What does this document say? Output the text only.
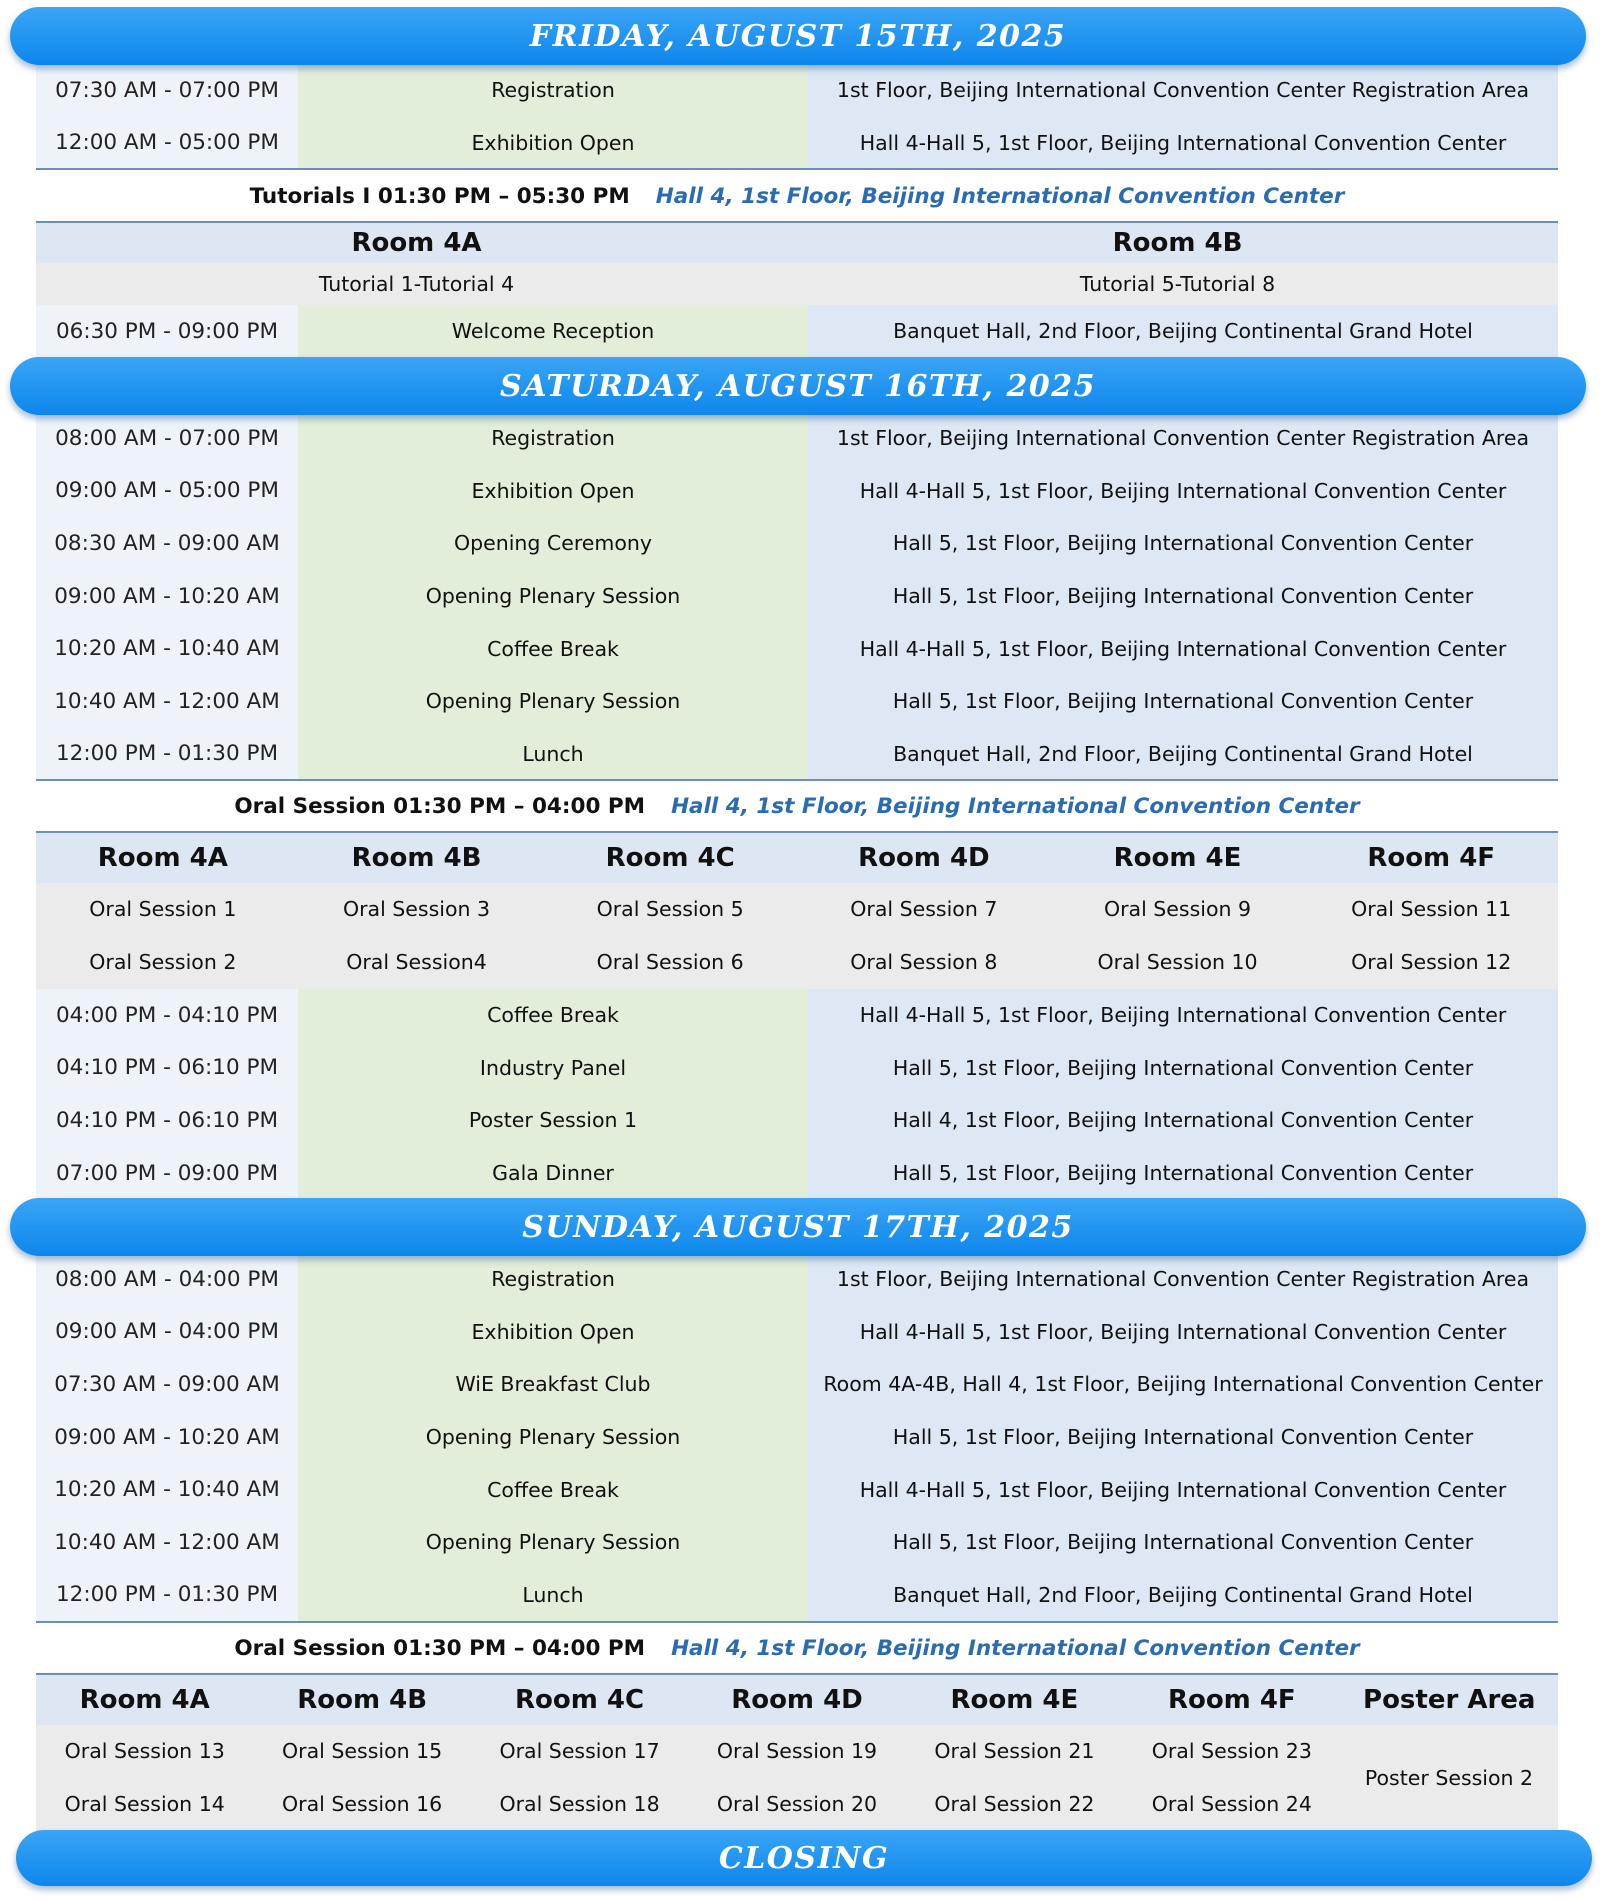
FRIDAY, AUGUST 15TH, 2025
07:30 AM - 07:00 PM	Registration	1st Floor, Beijing International Convention Center Registration Area
12:00 AM - 05:00 PM	Exhibition Open	Hall 4-Hall 5, 1st Floor, Beijing International Convention Center
Tutorials I 01:30 PM – 05:30 PM Hall 4, 1st Floor, Beijing International Convention Center
Room 4A	Room 4B
Tutorial 1-Tutorial 4	Tutorial 5-Tutorial 8
06:30 PM - 09:00 PM	Welcome Reception	Banquet Hall, 2nd Floor, Beijing Continental Grand Hotel
SATURDAY, AUGUST 16TH, 2025
08:00 AM - 07:00 PM	Registration	1st Floor, Beijing International Convention Center Registration Area
09:00 AM - 05:00 PM	Exhibition Open	Hall 4-Hall 5, 1st Floor, Beijing International Convention Center
08:30 AM - 09:00 AM	Opening Ceremony	Hall 5, 1st Floor, Beijing International Convention Center
09:00 AM - 10:20 AM	Opening Plenary Session	Hall 5, 1st Floor, Beijing International Convention Center
10:20 AM - 10:40 AM	Coffee Break	Hall 4-Hall 5, 1st Floor, Beijing International Convention Center
10:40 AM - 12:00 AM	Opening Plenary Session	Hall 5, 1st Floor, Beijing International Convention Center
12:00 PM - 01:30 PM	Lunch	Banquet Hall, 2nd Floor, Beijing Continental Grand Hotel
Oral Session 01:30 PM – 04:00 PM Hall 4, 1st Floor, Beijing International Convention Center
Room 4A	Room 4B	Room 4C	Room 4D	Room 4E	Room 4F
Oral Session 1	Oral Session 3	Oral Session 5	Oral Session 7	Oral Session 9	Oral Session 11
Oral Session 2	Oral Session4	Oral Session 6	Oral Session 8	Oral Session 10	Oral Session 12
04:00 PM - 04:10 PM	Coffee Break	Hall 4-Hall 5, 1st Floor, Beijing International Convention Center
04:10 PM - 06:10 PM	Industry Panel	Hall 5, 1st Floor, Beijing International Convention Center
04:10 PM - 06:10 PM	Poster Session 1	Hall 4, 1st Floor, Beijing International Convention Center
07:00 PM - 09:00 PM	Gala Dinner	Hall 5, 1st Floor, Beijing International Convention Center
SUNDAY, AUGUST 17TH, 2025
08:00 AM - 04:00 PM	Registration	1st Floor, Beijing International Convention Center Registration Area
09:00 AM - 04:00 PM	Exhibition Open	Hall 4-Hall 5, 1st Floor, Beijing International Convention Center
07:30 AM - 09:00 AM	WiE Breakfast Club	Room 4A-4B, Hall 4, 1st Floor, Beijing International Convention Center
09:00 AM - 10:20 AM	Opening Plenary Session	Hall 5, 1st Floor, Beijing International Convention Center
10:20 AM - 10:40 AM	Coffee Break	Hall 4-Hall 5, 1st Floor, Beijing International Convention Center
10:40 AM - 12:00 AM	Opening Plenary Session	Hall 5, 1st Floor, Beijing International Convention Center
12:00 PM - 01:30 PM	Lunch	Banquet Hall, 2nd Floor, Beijing Continental Grand Hotel
Oral Session 01:30 PM – 04:00 PM Hall 4, 1st Floor, Beijing International Convention Center
Room 4A	Room 4B	Room 4C	Room 4D	Room 4E	Room 4F	Poster Area
Oral Session 13	Oral Session 15	Oral Session 17	Oral Session 19	Oral Session 21	Oral Session 23
Oral Session 14	Oral Session 16	Oral Session 18	Oral Session 20	Oral Session 22	Oral Session 24
Poster Session 2
CLOSING
